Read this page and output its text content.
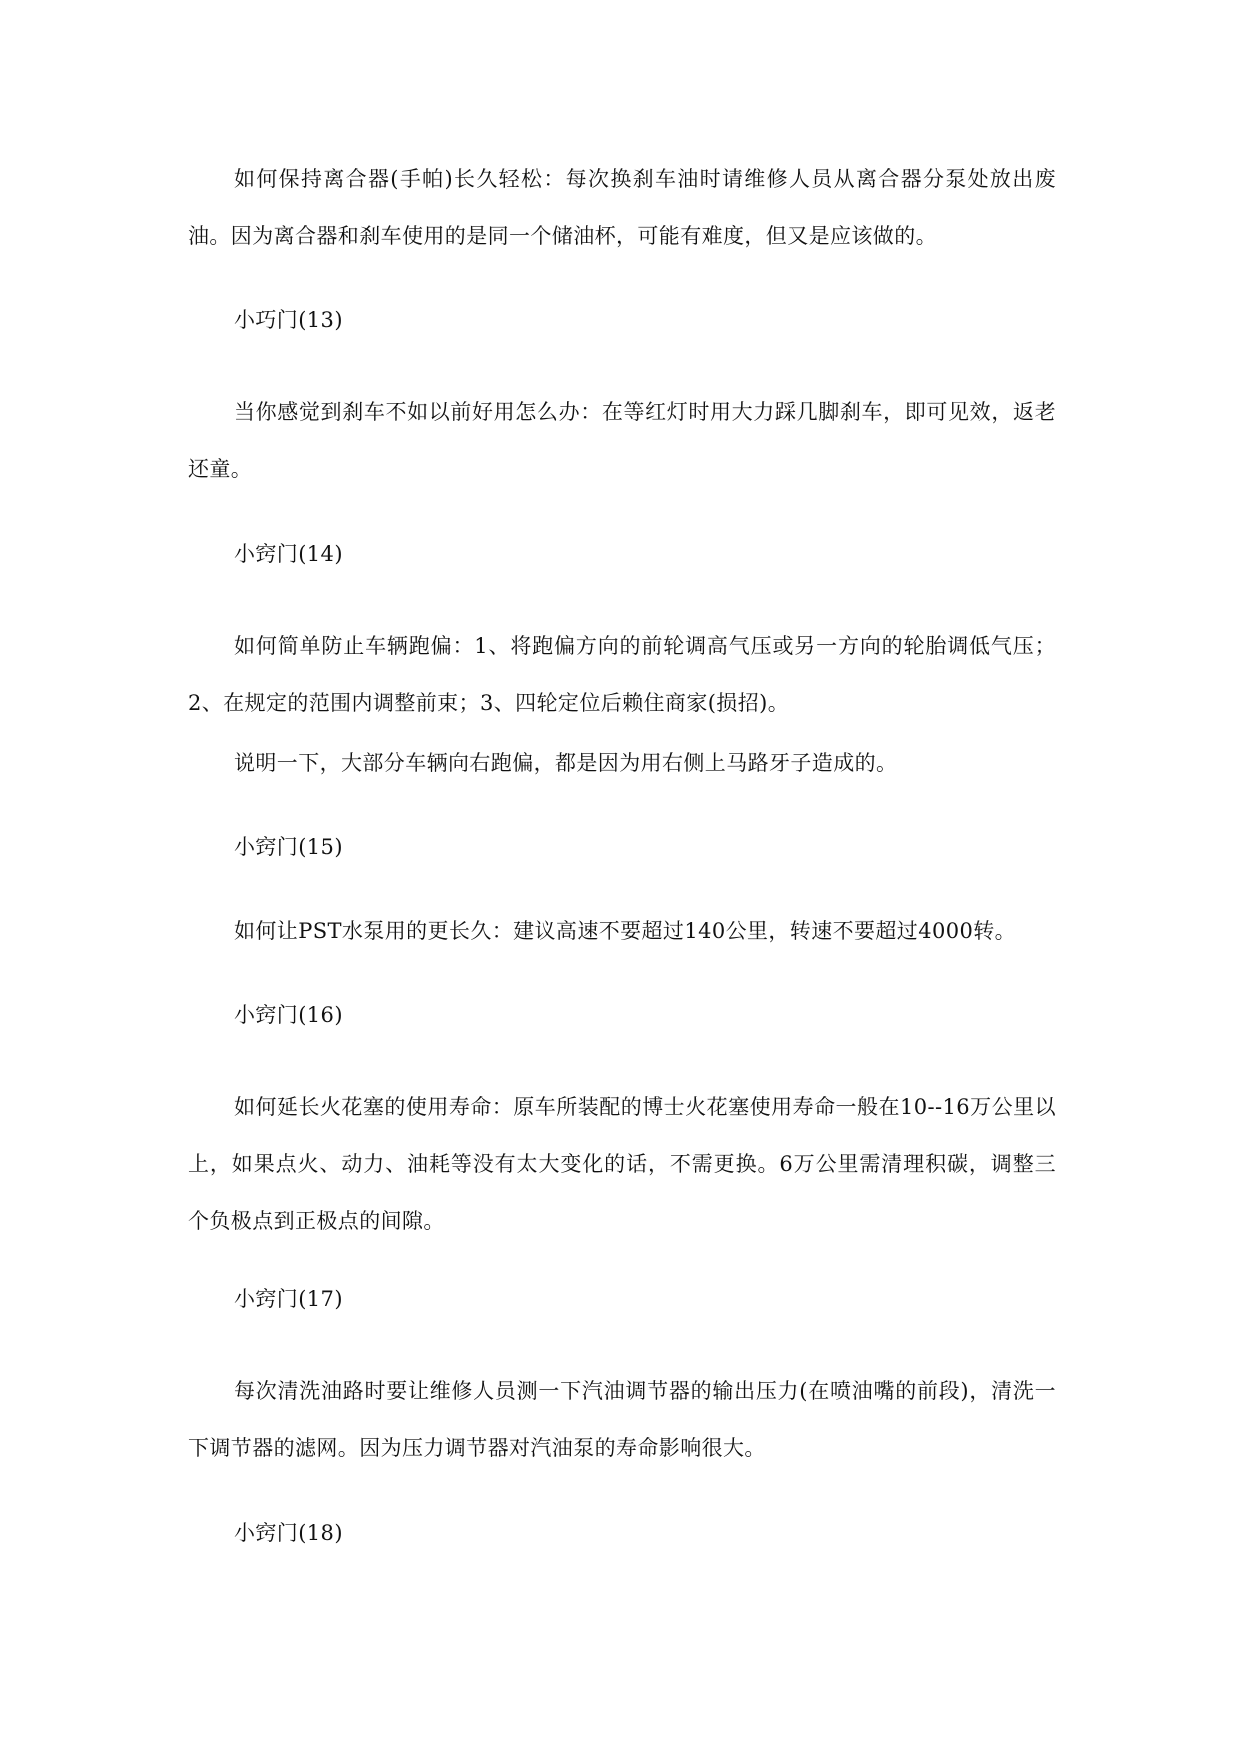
如何保持离合器(手帕)长久轻松：每次换刹车油时请维修人员从离合器分泵处放出废油。因为离合器和刹车使用的是同一个储油杯，可能有难度，但又是应该做的。

小巧门(13)

当你感觉到刹车不如以前好用怎么办：在等红灯时用大力踩几脚刹车，即可见效，返老还童。

小窍门(14)

如何简单防止车辆跑偏：1、将跑偏方向的前轮调高气压或另一方向的轮胎调低气压；2、在规定的范围内调整前束；3、四轮定位后赖住商家(损招)。

说明一下，大部分车辆向右跑偏，都是因为用右侧上马路牙子造成的。

小窍门(15)

如何让PST水泵用的更长久：建议高速不要超过140公里，转速不要超过4000转。

小窍门(16)

如何延长火花塞的使用寿命：原车所装配的博士火花塞使用寿命一般在10--16万公里以上，如果点火、动力、油耗等没有太大变化的话，不需更换。6万公里需清理积碳，调整三个负极点到正极点的间隙。

小窍门(17)

每次清洗油路时要让维修人员测一下汽油调节器的输出压力(在喷油嘴的前段)，清洗一下调节器的滤网。因为压力调节器对汽油泵的寿命影响很大。

小窍门(18)
